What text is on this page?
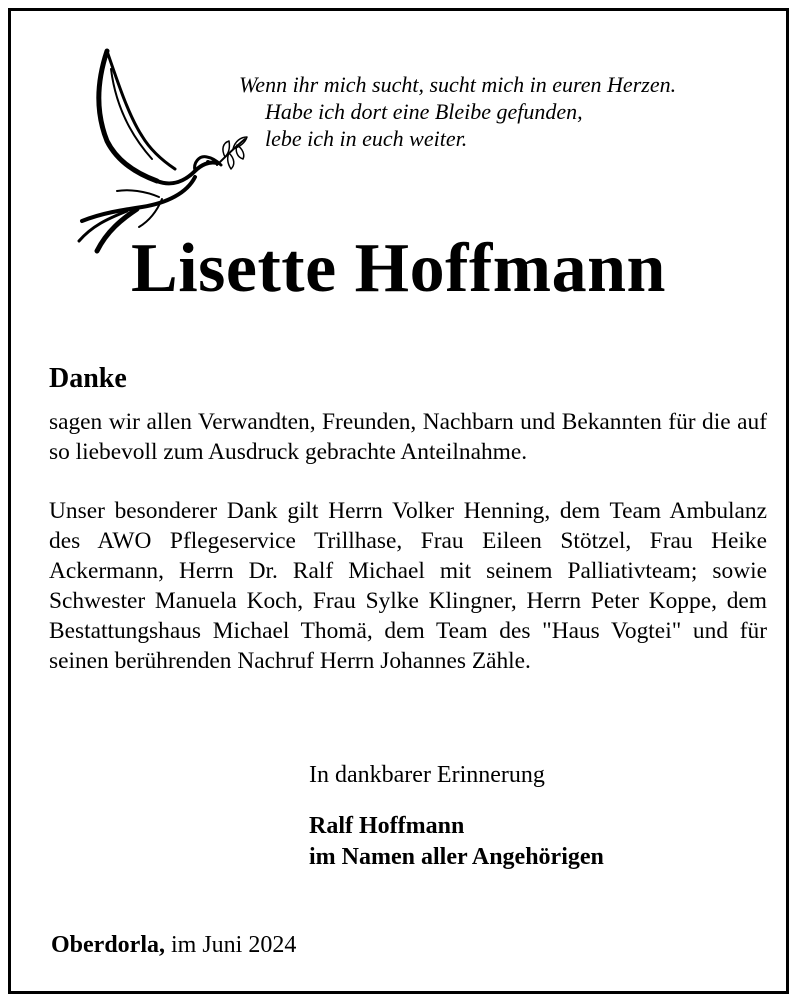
Wenn ihr mich sucht, sucht mich in euren Herzen.
Habe ich dort eine Bleibe gefunden,
lebe ich in euch weiter.
Lisette Hoffmann
Danke
sagen wir allen Verwandten, Freunden, Nachbarn und Bekannten für die auf so liebevoll zum Ausdruck gebrachte Anteilnahme.
Unser besonderer Dank gilt Herrn Volker Henning, dem Team Ambulanz des AWO Pflegeservice Trillhase, Frau Eileen Stötzel, Frau Heike Ackermann, Herrn Dr. Ralf Michael mit seinem Palliativteam; sowie Schwester Manuela Koch, Frau Sylke Klingner, Herrn Peter Koppe, dem Bestattungshaus Michael Thomä, dem Team des "Haus Vogtei" und für seinen berührenden Nachruf Herrn Johannes Zähle.
In dankbarer Erinnerung
Ralf Hoffmann
im Namen aller Angehörigen
Oberdorla, im Juni 2024
